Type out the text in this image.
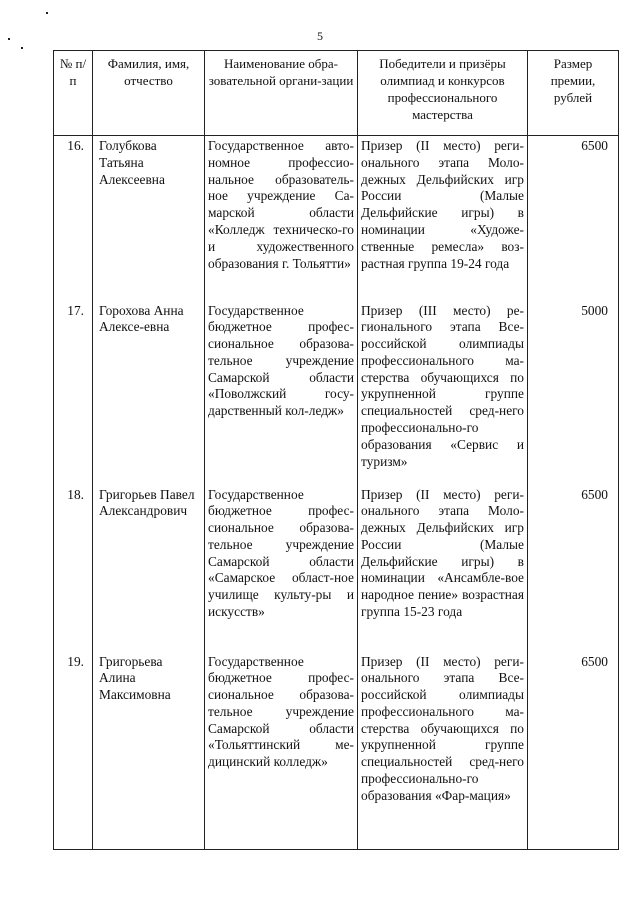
5
№ п/п	Фамилия, имя, отчество	Наименование обра-зовательной органи-зации	Победители и призёры олимпиад и конкурсов профессионального мастерства	Размер премии, рублей
16.	Голубкова Татьяна Алексеевна	Государственное авто-номное профессио-нальное образователь-ное учреждение Са-марской области «Колледж техническо-го и художественного образования г. Тольятти»	Призер (II место) реги-онального этапа Моло-дежных Дельфийских игр России (Малые Дельфийские игры) в номинации «Художе-ственные ремесла» воз-растная группа 19-24 года	6500
17.	Горохова Анна Алексе-евна	Государственное бюджетное профес-сиональное образова-тельное учреждение Самарской области «Поволжский госу-дарственный кол-ледж»	Призер (III место) ре-гионального этапа Все-российской олимпиады профессионального ма-стерства обучающихся по укрупненной группе специальностей сред-него профессионально-го образования «Сервис и туризм»	5000
18.	Григорьев Павел Александрович	Государственное бюджетное профес-сиональное образова-тельное учреждение Самарской области «Самарское област-ное училище культу-ры и искусств»	Призер (II место) реги-онального этапа Моло-дежных Дельфийских игр России (Малые Дельфийские игры) в номинации «Ансамбле-вое народное пение» возрастная группа 15-23 года	6500
19.	Григорьева Алина Максимовна	Государственное бюджетное профес-сиональное образова-тельное учреждение Самарской области «Тольяттинский ме-дицинский колледж»	Призер (II место) реги-онального этапа Все-российской олимпиады профессионального ма-стерства обучающихся по укрупненной группе специальностей сред-него профессионально-го образования «Фар-мация»	6500
